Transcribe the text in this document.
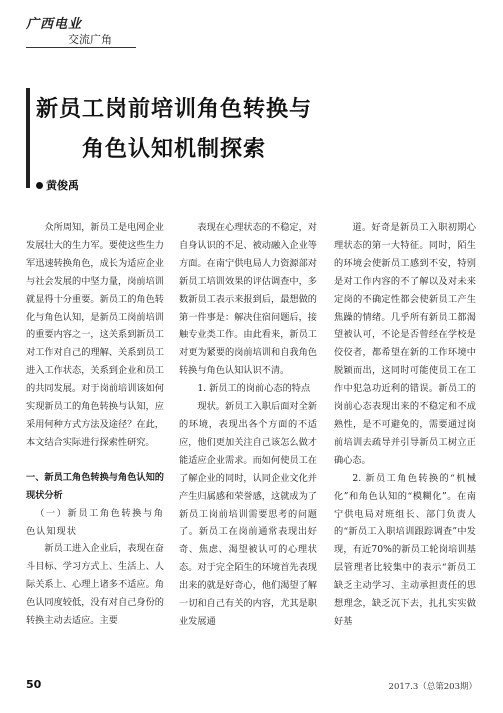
广西电业
交流广角
新员工岗前培训角色转换与
角色认知机制探索
黄俊禹

众所周知，新员工是电网企业发展壮大的生力军。要使这些生力军迅速转换角色，成长为适应企业与社会发展的中坚力量，岗前培训就显得十分重要。新员工的角色转化与角色认知，是新员工岗前培训的重要内容之一，这关系到新员工对工作对自己的理解、关系到员工进入工作状态，关系到企业和员工的共同发展。对于岗前培训该如何实现新员工的角色转换与认知，应采用何种方式方法及途径？在此，本文结合实际进行探索性研究。

一、新员工角色转换与角色认知的现状分析

（一）新员工角色转换与角色认知现状

新员工进入企业后，表现在奋斗目标、学习方式上、生活上、人际关系上、心理上诸多不适应。角色认同度较低，没有对自己身份的转换主动去适应。主要

表现在心理状态的不稳定，对自身认识的不足、被动融入企业等方面。在南宁供电局人力资源部对新员工培训效果的评估调查中，多数新员工表示来报到后，最想做的第一件事是：解决住宿问题后，接触专业类工作。由此看来，新员工对更为紧要的岗前培训和自我角色转换与角色认知认识不清。

1. 新员工的岗前心态的特点

现状。新员工入职后面对全新的环境，表现出各个方面的不适应，他们更加关注自己该怎么做才能适应企业需求。而如何使员工在了解企业的同时，认同企业文化并产生归属感和荣誉感，这就成为了新员工岗前培训需要思考的问题了。新员工在岗前通常表现出好奇、焦虑、渴望被认可的心理状态。对于完全陌生的环境首先表现出来的就是好奇心，他们渴望了解一切和自己有关的内容，尤其是职业发展通

道。好奇是新员工入职初期心理状态的第一大特征。同时，陌生的环境会使新员工感到不安，特别是对工作内容的不了解以及对未来定岗的不确定性都会使新员工产生焦躁的情绪。几乎所有新员工都渴望被认可，不论是否曾经在学校是佼佼者，都希望在新的工作环境中脱颖而出，这同时可能使员工在工作中犯急功近利的错误。新员工的岗前心态表现出来的不稳定和不成熟性，是不可避免的，需要通过岗前培训去疏导并引导新员工树立正确心态。

2. 新员工角色转换的“机械化”和角色认知的“模糊化”。在南宁供电局对班组长、部门负责人的“新员工入职培训跟踪调查”中发现，有近70%的新员工轮岗培训基层管理者比较集中的表示“新员工缺乏主动学习、主动承担责任的思想理念，缺乏沉下去，扎扎实实做好基

50	2017.3（总第203期）
